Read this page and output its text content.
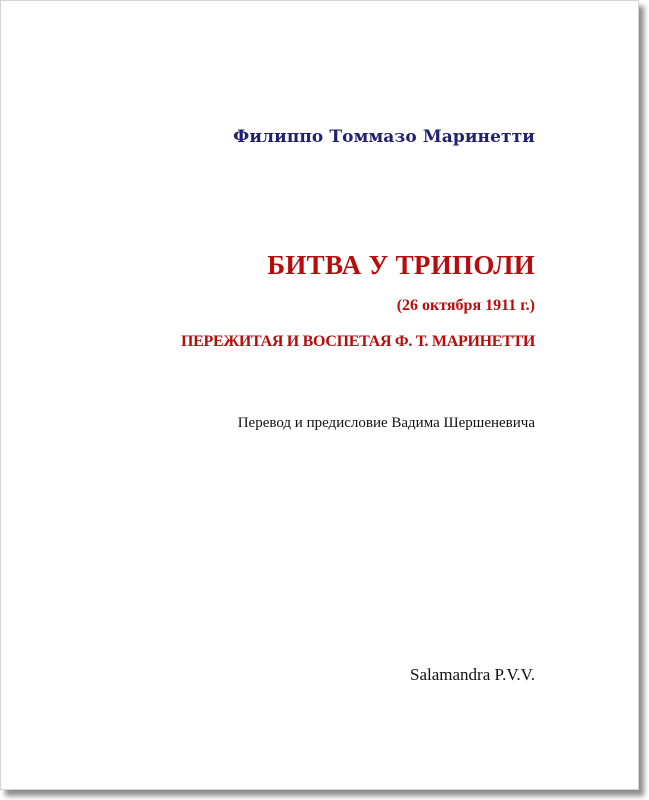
Филиппо Томмазо Маринетти
БИТВА У ТРИПОЛИ
(26 октября 1911 г.)
ПЕРЕЖИТАЯ И ВОСПЕТАЯ Ф. Т. МАРИНЕТТИ
Перевод и предисловие Вадима Шершеневича
Salamandra P.V.V.
